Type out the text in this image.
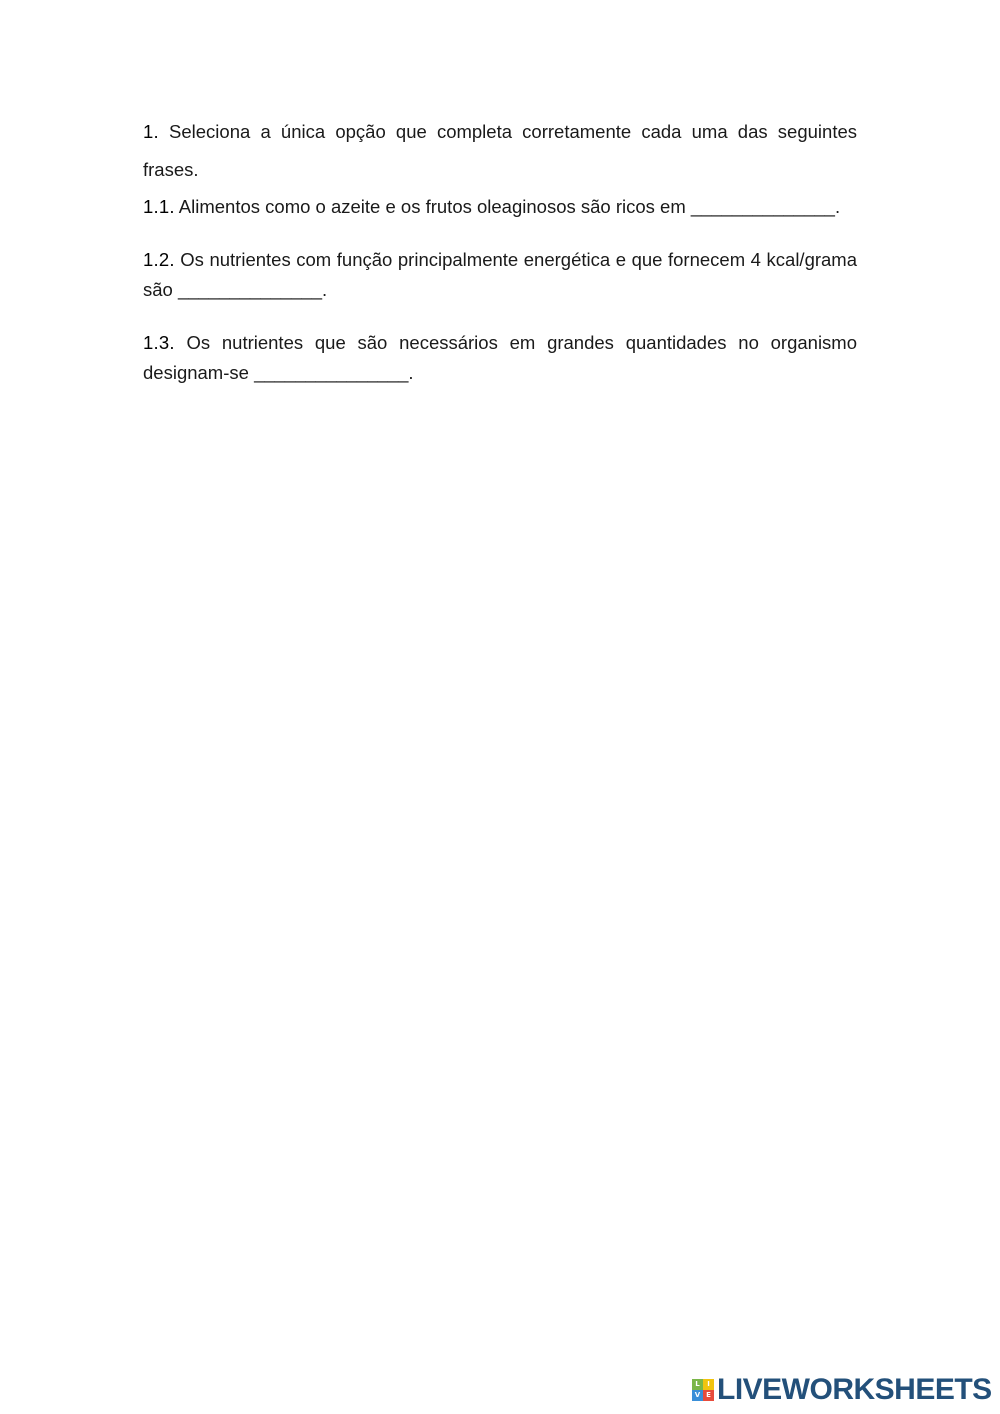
1. Seleciona a única opção que completa corretamente cada uma das seguintes frases.

1.1. Alimentos como o azeite e os frutos oleaginosos são ricos em ______________.

1.2. Os nutrientes com função principalmente energética e que fornecem 4 kcal/grama são ______________.

1.3. Os nutrientes que são necessários em grandes quantidades no organismo designam-se _______________.

L	I
V E LIVEWORKSHEETS
